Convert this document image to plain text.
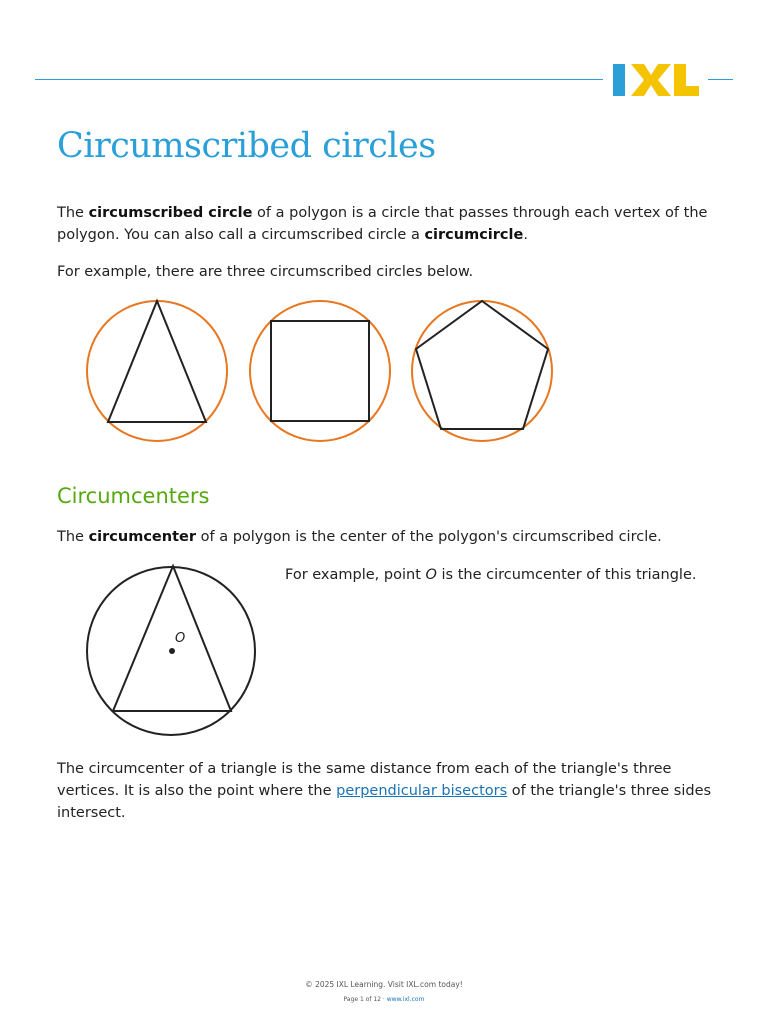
Circumscribed circles

The circumscribed circle of a polygon is a circle that passes through each vertex of the polygon. You can also call a circumscribed circle a circumcircle.

For example, there are three circumscribed circles below.

Circumcenters

The circumcenter of a polygon is the center of the polygon's circumscribed circle.

For example, point O is the circumcenter of this triangle.

O

The circumcenter of a triangle is the same distance from each of the triangle's three vertices. It is also the point where the perpendicular bisectors of the triangle's three sides intersect.

© 2025 IXL Learning. Visit IXL.com today!
Page 1 of 12 · www.ixl.com
